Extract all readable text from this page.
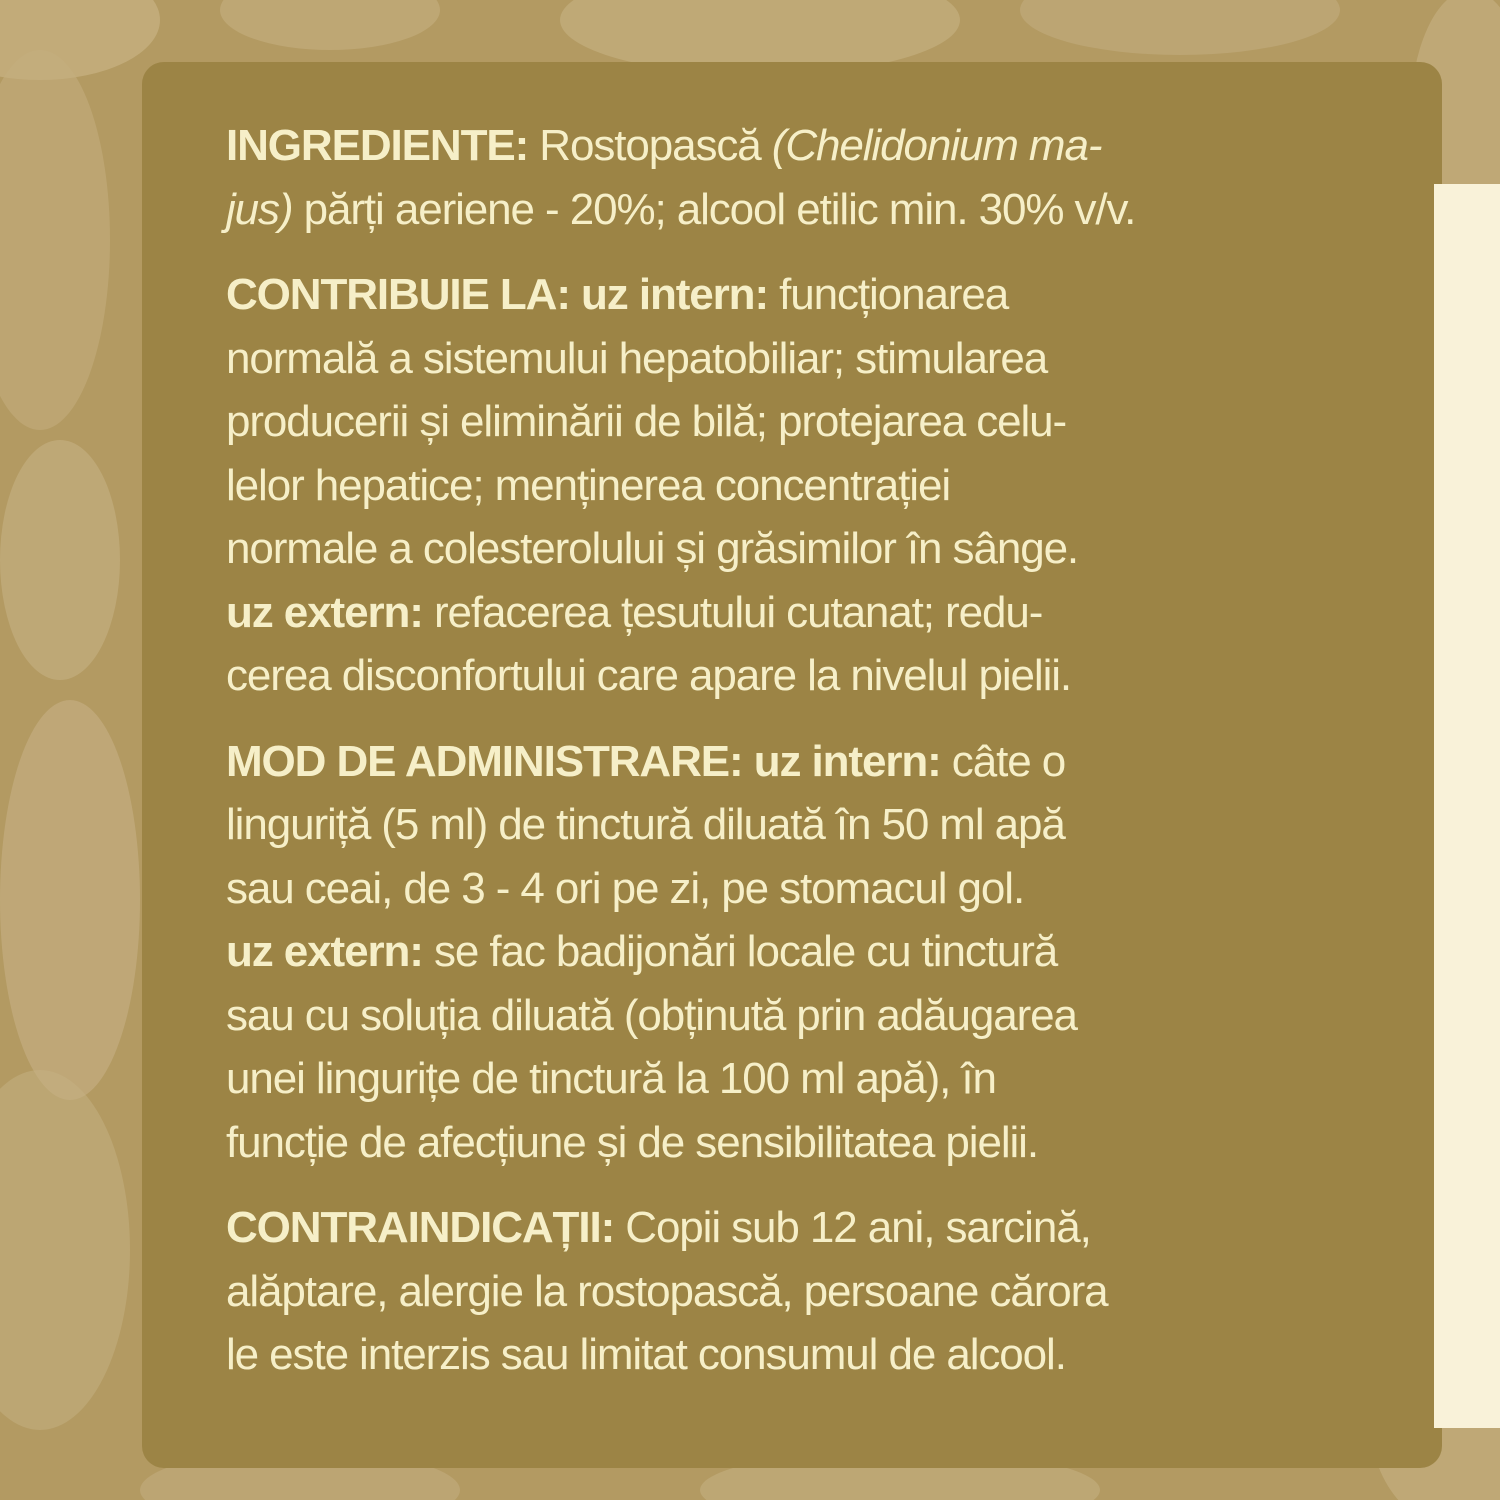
INGREDIENTE: Rostopască (Chelidonium ma-
jus) părți aeriene - 20%; alcool etilic min. 30% v/v.
CONTRIBUIE LA: uz intern: funcționarea
normală a sistemului hepatobiliar; stimularea
producerii și eliminării de bilă; protejarea celu-
lelor hepatice; menținerea concentrației
normale a colesterolului și grăsimilor în sânge.
uz extern: refacerea țesutului cutanat; redu-
cerea disconfortului care apare la nivelul pielii.
MOD DE ADMINISTRARE: uz intern: câte o
linguriță (5 ml) de tinctură diluată în 50 ml apă
sau ceai, de 3 - 4 ori pe zi, pe stomacul gol.
uz extern: se fac badijonări locale cu tinctură
sau cu soluția diluată (obținută prin adăugarea
unei lingurițe de tinctură la 100 ml apă), în
funcție de afecțiune și de sensibilitatea pielii.
CONTRAINDICAȚII: Copii sub 12 ani, sarcină,
alăptare, alergie la rostopască, persoane cărora
le este interzis sau limitat consumul de alcool.
